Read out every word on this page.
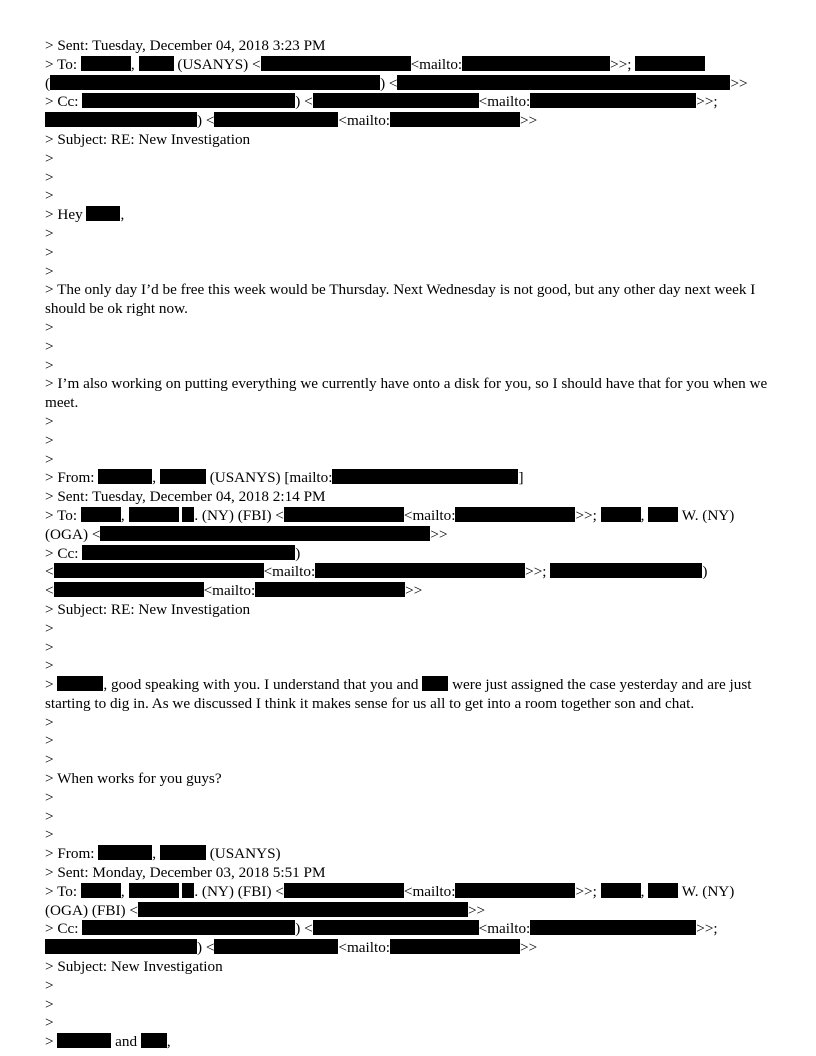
> Sent: Tuesday, December 04, 2018 3:23 PM
> To:	,	(USANYS) <	<mailto:	>>;
(	) <	>>
> Cc:	) <	<mailto:	>>;
) <	<mailto:	>>
> Subject: RE: New Investigation
>
>
>
> Hey ,
>
>
>
> The only day I’d be free this week would be Thursday. Next Wednesday is not good, but any other day next week I should be ok right now.
>
>
>
> I’m also working on putting everything we currently have onto a disk for you, so I should have that for you when we meet.
>
>
>
> From:	,	(USANYS) [mailto:	]
> Sent: Tuesday, December 04, 2018 2:14 PM
> To:	,	. (NY) (FBI) <	<mailto:	>>;	, W. (NY)
(OGA) <	>>
> Cc:	)
<	<mailto:	>>;	)
<	<mailto:	>>
> Subject: RE: New Investigation
>
>
>
>	, good speaking with you. I understand that you and were just assigned the case yesterday and are just starting to dig in. As we discussed I think it makes sense for us all to get into a room together son and chat.
>
>
>
> When works for you guys?
>
>
>
> From:	,	(USANYS)
> Sent: Monday, December 03, 2018 5:51 PM
> To:	,	. (NY) (FBI) <	<mailto:	>>;	, W. (NY)
(OGA) (FBI) <	>>
> Cc:	) <	<mailto:	>>;
) <	<mailto:	>>
> Subject: New Investigation
>
>
>
>	and ,
